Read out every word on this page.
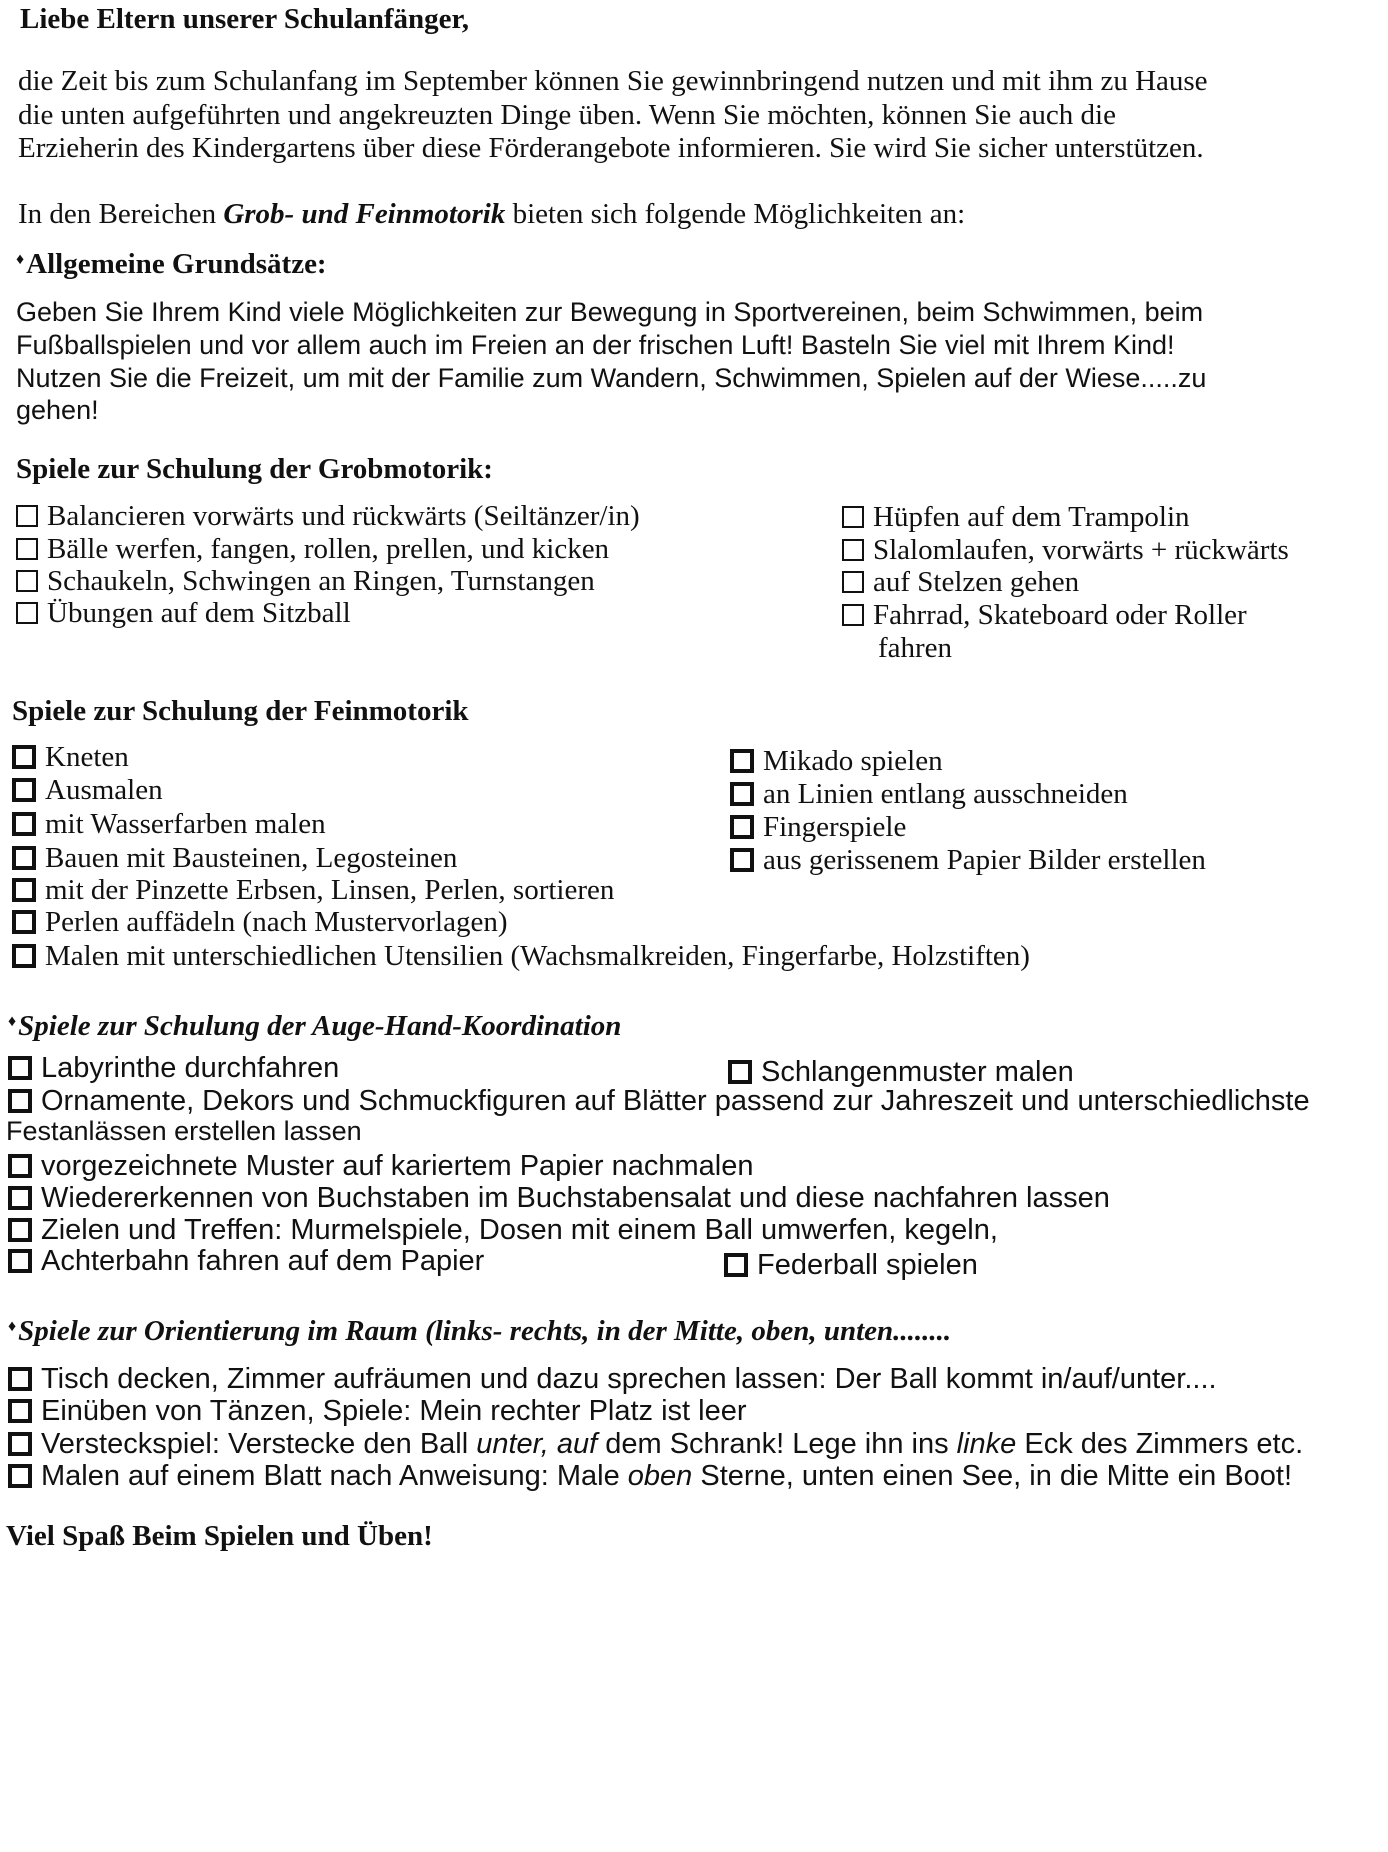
Liebe Eltern unserer Schulanfänger,
die Zeit bis zum Schulanfang im September können Sie gewinnbringend nutzen und mit ihm zu Hause
die unten aufgeführten und angekreuzten Dinge üben. Wenn Sie möchten, können Sie auch die
Erzieherin des Kindergartens über diese Förderangebote informieren. Sie wird Sie sicher unterstützen.
In den Bereichen Grob- und Feinmotorik bieten sich folgende Möglichkeiten an:
♦Allgemeine Grundsätze:
Geben Sie Ihrem Kind viele Möglichkeiten zur Bewegung in Sportvereinen, beim Schwimmen, beim
Fußballspielen und vor allem auch im Freien an der frischen Luft! Basteln Sie viel mit Ihrem Kind!
Nutzen Sie die Freizeit, um mit der Familie zum Wandern, Schwimmen, Spielen auf der Wiese.....zu
gehen!
Spiele zur Schulung der Grobmotorik:
Balancieren vorwärts und rückwärts (Seiltänzer/in)
Bälle werfen, fangen, rollen, prellen, und kicken
Schaukeln, Schwingen an Ringen, Turnstangen
Übungen auf dem Sitzball
Hüpfen auf dem Trampolin
Slalomlaufen, vorwärts + rückwärts
auf Stelzen gehen
Fahrrad, Skateboard oder Roller
fahren
Spiele zur Schulung der Feinmotorik
Kneten
Ausmalen
mit Wasserfarben malen
Bauen mit Bausteinen, Legosteinen
mit der Pinzette Erbsen, Linsen, Perlen, sortieren
Perlen auffädeln (nach Mustervorlagen)
Malen mit unterschiedlichen Utensilien (Wachsmalkreiden, Fingerfarbe, Holzstiften)
Mikado spielen
an Linien entlang ausschneiden
Fingerspiele
aus gerissenem Papier Bilder erstellen
♦Spiele zur Schulung der Auge-Hand-Koordination
Labyrinthe durchfahren	Schlangenmuster malen
Ornamente, Dekors und Schmuckfiguren auf Blätter passend zur Jahreszeit und unterschiedlichste
Festanlässen erstellen lassen
vorgezeichnete Muster auf kariertem Papier nachmalen
Wiedererkennen von Buchstaben im Buchstabensalat und diese nachfahren lassen
Zielen und Treffen: Murmelspiele, Dosen mit einem Ball umwerfen, kegeln,
Achterbahn fahren auf dem Papier	Federball spielen
♦Spiele zur Orientierung im Raum (links- rechts, in der Mitte, oben, unten........
Tisch decken, Zimmer aufräumen und dazu sprechen lassen: Der Ball kommt in/auf/unter....
Einüben von Tänzen, Spiele: Mein rechter Platz ist leer
Versteckspiel: Verstecke den Ball unter, auf dem Schrank! Lege ihn ins linke Eck des Zimmers etc.
Malen auf einem Blatt nach Anweisung: Male oben Sterne, unten einen See, in die Mitte ein Boot!
Viel Spaß Beim Spielen und Üben!
